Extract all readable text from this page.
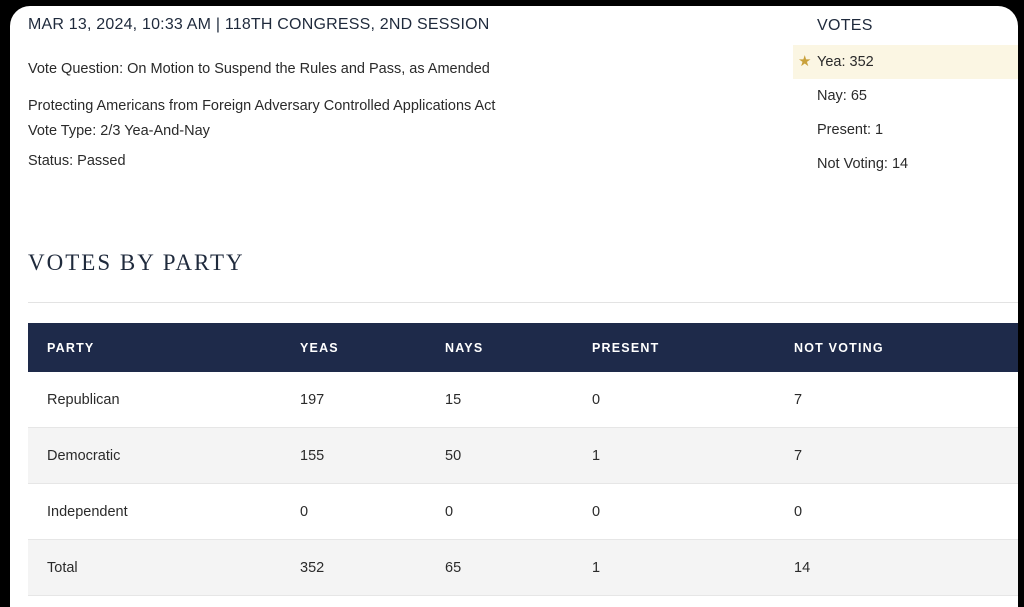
MAR 13, 2024, 10:33 AM | 118TH CONGRESS, 2ND SESSION
Vote Question: On Motion to Suspend the Rules and Pass, as Amended
Protecting Americans from Foreign Adversary Controlled Applications Act
Vote Type: 2/3 Yea-And-Nay
Status: Passed
VOTES
★ Yea: 352
Nay: 65
Present: 1
Not Voting: 14
VOTES BY PARTY
PARTY	YEAS	NAYS	PRESENT	NOT VOTING
Republican	197	15	0	7
Democratic	155	50	1	7
Independent	0	0	0	0
Total	352	65	1	14
